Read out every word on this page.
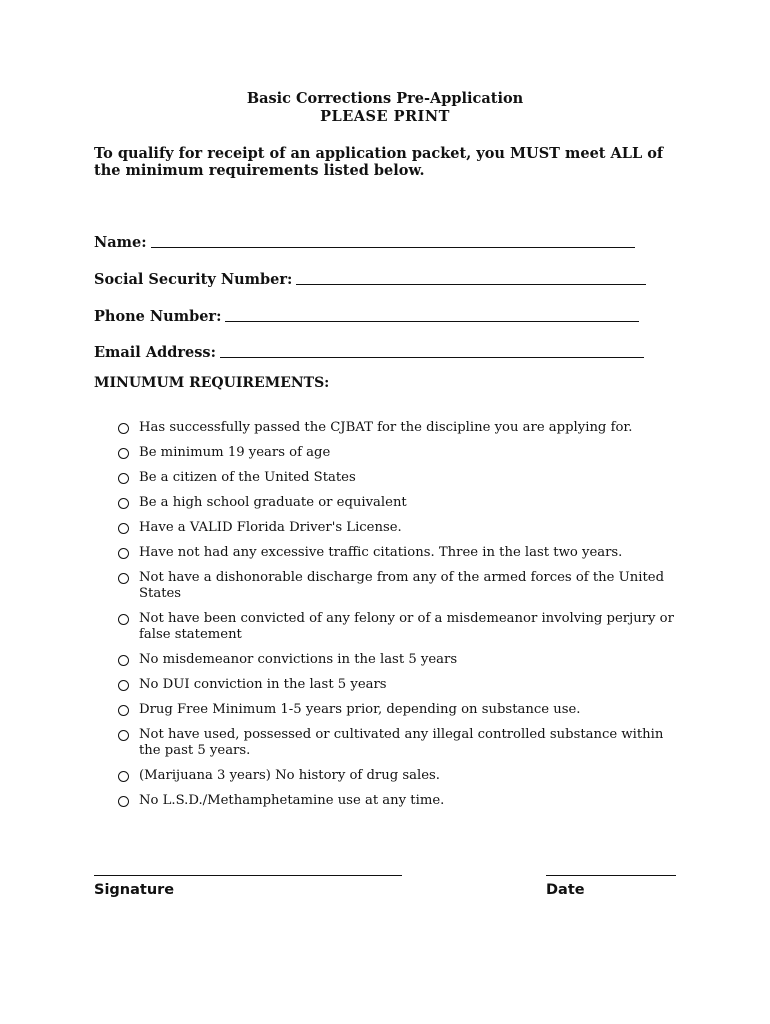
Basic Corrections Pre-Application
PLEASE PRINT
To qualify for receipt of an application packet, you MUST meet ALL of the minimum requirements listed below.
Name:
Social Security Number:
Phone Number:
Email Address:
MINUMUM REQUIREMENTS:
Has successfully passed the CJBAT for the discipline you are applying for.
Be minimum 19 years of age
Be a citizen of the United States
Be a high school graduate or equivalent
Have a VALID Florida Driver's License.
Have not had any excessive traffic citations. Three in the last two years.
Not have a dishonorable discharge from any of the armed forces of the United States
Not have been convicted of any felony or of a misdemeanor involving perjury or false statement
No misdemeanor convictions in the last 5 years
No DUI conviction in the last 5 years
Drug Free Minimum 1-5 years prior, depending on substance use.
Not have used, possessed or cultivated any illegal controlled substance within the past 5 years.
(Marijuana 3 years) No history of drug sales.
No L.S.D./Methamphetamine use at any time.
Signature	Date
